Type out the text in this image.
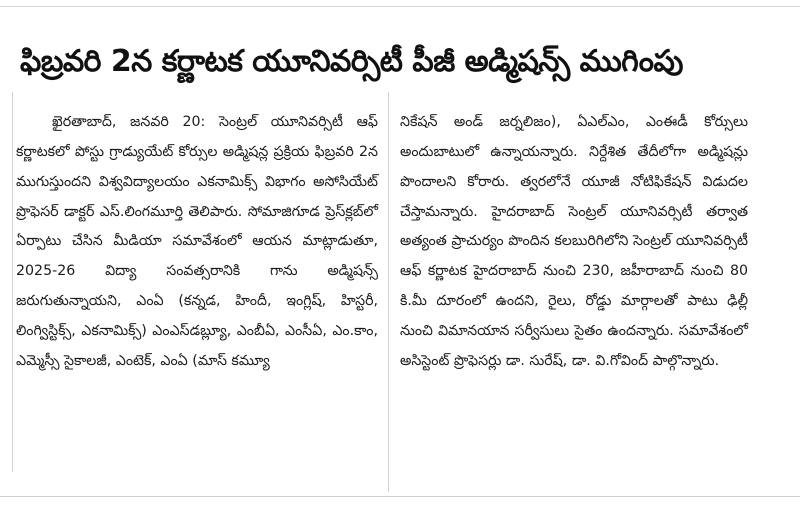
ఫిబ్రవరి 2న కర్ణాటక యూనివర్సిటీ పీజీ అడ్మిషన్స్ ముగింపు

ఖైరతాబాద్, జనవరి 20: సెంట్రల్ యూనివర్సిటీ ఆఫ్ కర్ణాటకలో పోస్టు గ్రాడ్యుయేట్ కోర్సుల అడ్మిషన్ల ప్రక్రియ ఫిబ్రవరి 2న ముగుస్తుందని విశ్వవిద్యాలయం ఎకనామిక్స్ విభాగం అసోసియేట్ ప్రొఫెసర్ డాక్టర్ ఎస్.లింగమూర్తి తెలిపారు. సోమాజిగూడ ప్రెస్‌క్లబ్‌లో ఏర్పాటు చేసిన మీడియా సమావేశంలో ఆయన మాట్లాడుతూ, 2025-26 విద్యా సంవత్సరానికి గాను అడ్మిషన్స్ జరుగుతున్నాయని, ఎంఏ (కన్నడ, హిందీ, ఇంగ్లిష్, హిస్టరీ, లింగ్విస్టిక్స్, ఎకనామిక్స్) ఎంఎస్‌డబ్ల్యూ, ఎంబీఏ, ఎంసీఏ, ఎం.కాం, ఎమ్మెస్సీ సైకాలజీ, ఎంటెక్, ఎంఏ (మాస్ కమ్యూ

నికేషన్ అండ్ జర్నలిజం), ఏఎల్ఎం, ఎంఈడీ కోర్సులు అందుబాటులో ఉన్నాయన్నారు. నిర్దేశిత తేదీలోగా అడ్మిషన్లు పొందాలని కోరారు. త్వరలోనే యూజీ నోటిఫికేషన్ విడుదల చేస్తామన్నారు. హైదరాబాద్ సెంట్రల్ యూనివర్సిటీ తర్వాత అత్యంత ప్రాచుర్యం పొందిన కలబురిగిలోని సెంట్రల్ యూనివర్సిటీ ఆఫ్ కర్ణాటక హైదరాబాద్ నుంచి 230, జహీరాబాద్ నుంచి 80 కి.మీ దూరంలో ఉందని, రైలు, రోడ్డు మార్గాలతో పాటు ఢిల్లీ నుంచి విమానయాన సర్వీసులు సైతం ఉందన్నారు. సమావేశంలో అసిస్టెంట్ ప్రొఫెసర్లు డా. సురేష్, డా. వి.గోవింద్ పాల్గొన్నారు.
